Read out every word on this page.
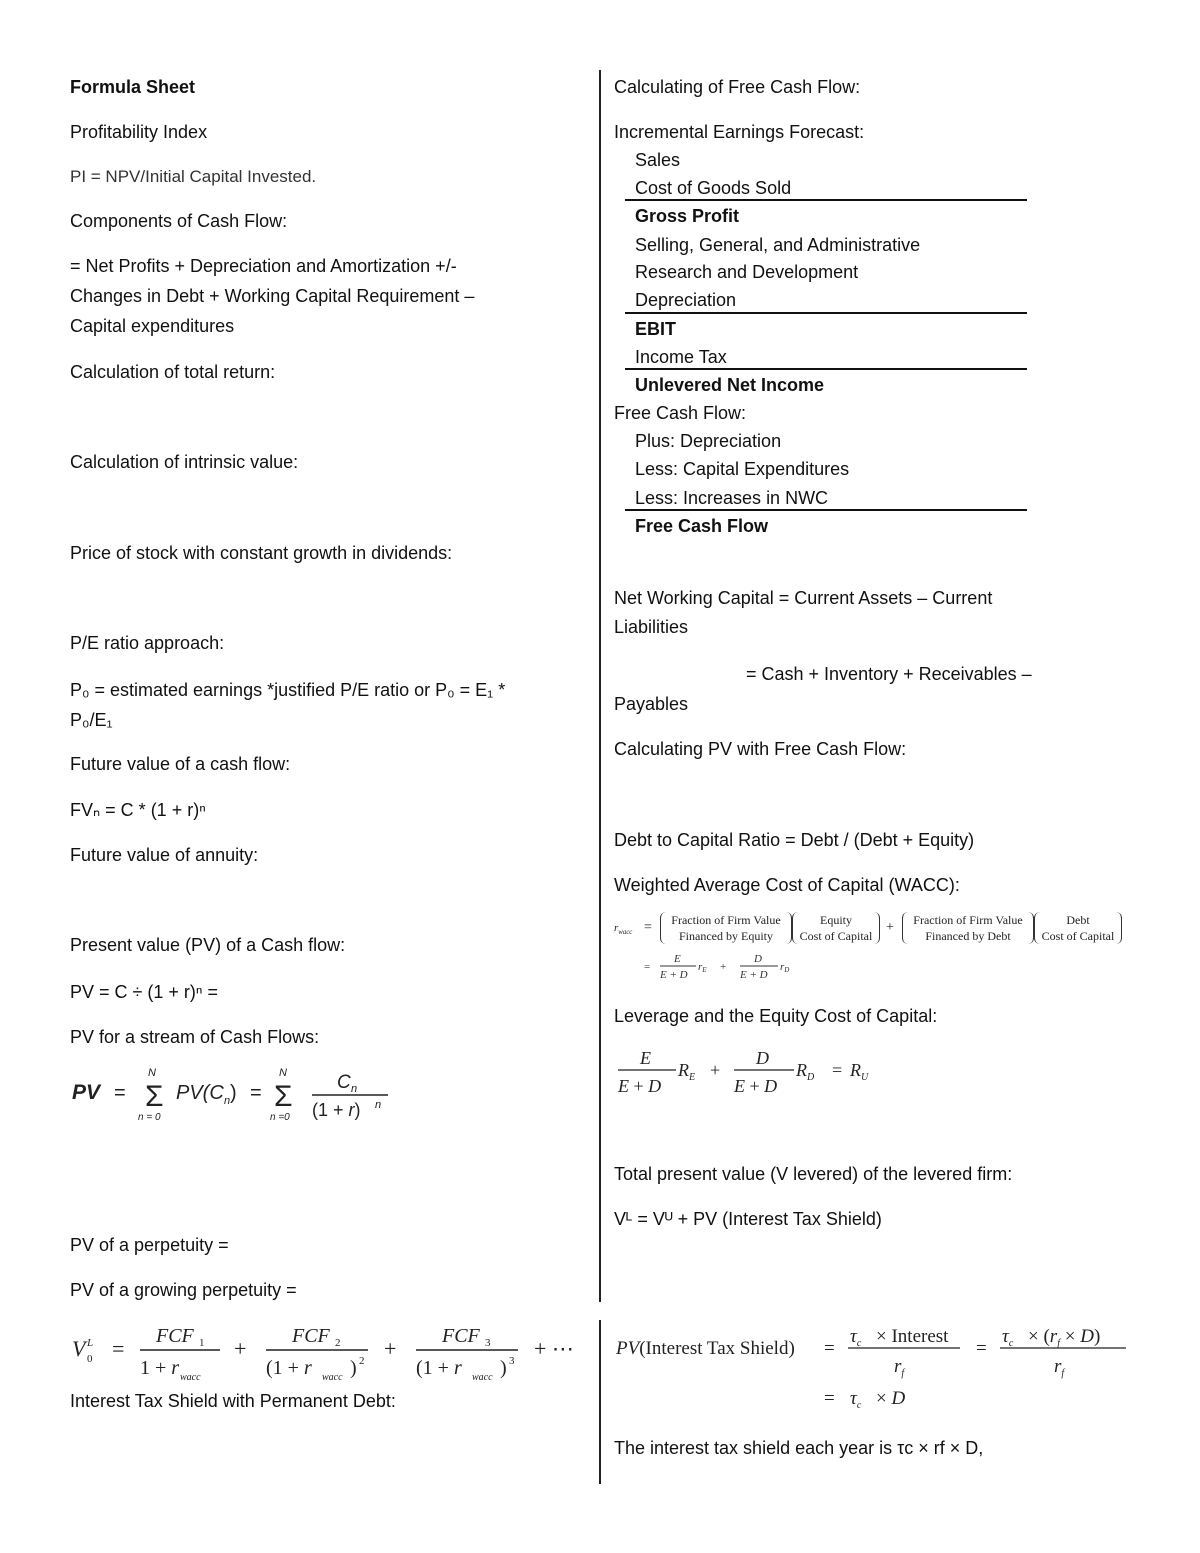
Formula Sheet
Profitability Index
PI = NPV/Initial Capital Invested.
Components of Cash Flow:
= Net Profits + Depreciation and Amortization +/-
Changes in Debt + Working Capital Requirement –
Capital expenditures
Calculation of total return:
Calculation of intrinsic value:
Price of stock with constant growth in dividends:
P/E ratio approach:
P₀ = estimated earnings *justified P/E ratio or P₀ = E₁ *
P₀/E₁
Future value of a cash flow:
FVₙ = C * (1 + r)ⁿ
Future value of annuity:
Present value (PV) of a Cash flow:
PV = C ÷ (1 + r)ⁿ =
PV for a stream of Cash Flows:
PV = Σ
N
n = 0
PV(C n ) = Σ
N
n =0
C n
(1 + r) n
PV of a perpetuity =
PV of a growing perpetuity =
V L
0 = FCF 1
1 + r wacc
+ FCF 2
(1 + r wacc ) 2 + FCF 3
(1 + r wacc ) 3 + ⋯
Interest Tax Shield with Permanent Debt:
Calculating of Free Cash Flow:
Incremental Earnings Forecast:
Sales
Cost of Goods Sold
Gross Profit
Selling, General, and Administrative
Research and Development
Depreciation
EBIT
Income Tax
Unlevered Net Income
Free Cash Flow:
Plus: Depreciation
Less: Capital Expenditures
Less: Increases in NWC
Free Cash Flow
Net Working Capital = Current Assets – Current
Liabilities
= Cash + Inventory + Receivables –
Payables
Calculating PV with Free Cash Flow:
Debt to Capital Ratio = Debt / (Debt + Equity)
Weighted Average Cost of Capital (WACC):
$r_{wacc}$ =	Fraction of Firm Value
Financed by Equity
Equity
Cost of Capital
+	Fraction of Firm Value
Financed by Debt
Debt
Cost of Capital
=
E
E + D
rE +
D
E + D
rD
Leverage and the Equity Cost of Capital:
E
E + D
$R_E$ +
D
E + D
$R_D = R_U$
Total present value (V levered) of the levered firm:
Vᴸ = Vᵁ + PV (Interest Tax Shield)
PV(Interest Tax Shield) =
$\tau_c$ × Interest
$r_f$
=
$\tau_c \times (r_f \times D)$
$r_f$
= $\tau_c \times D$
The interest tax shield each year is τc × rf × D,
